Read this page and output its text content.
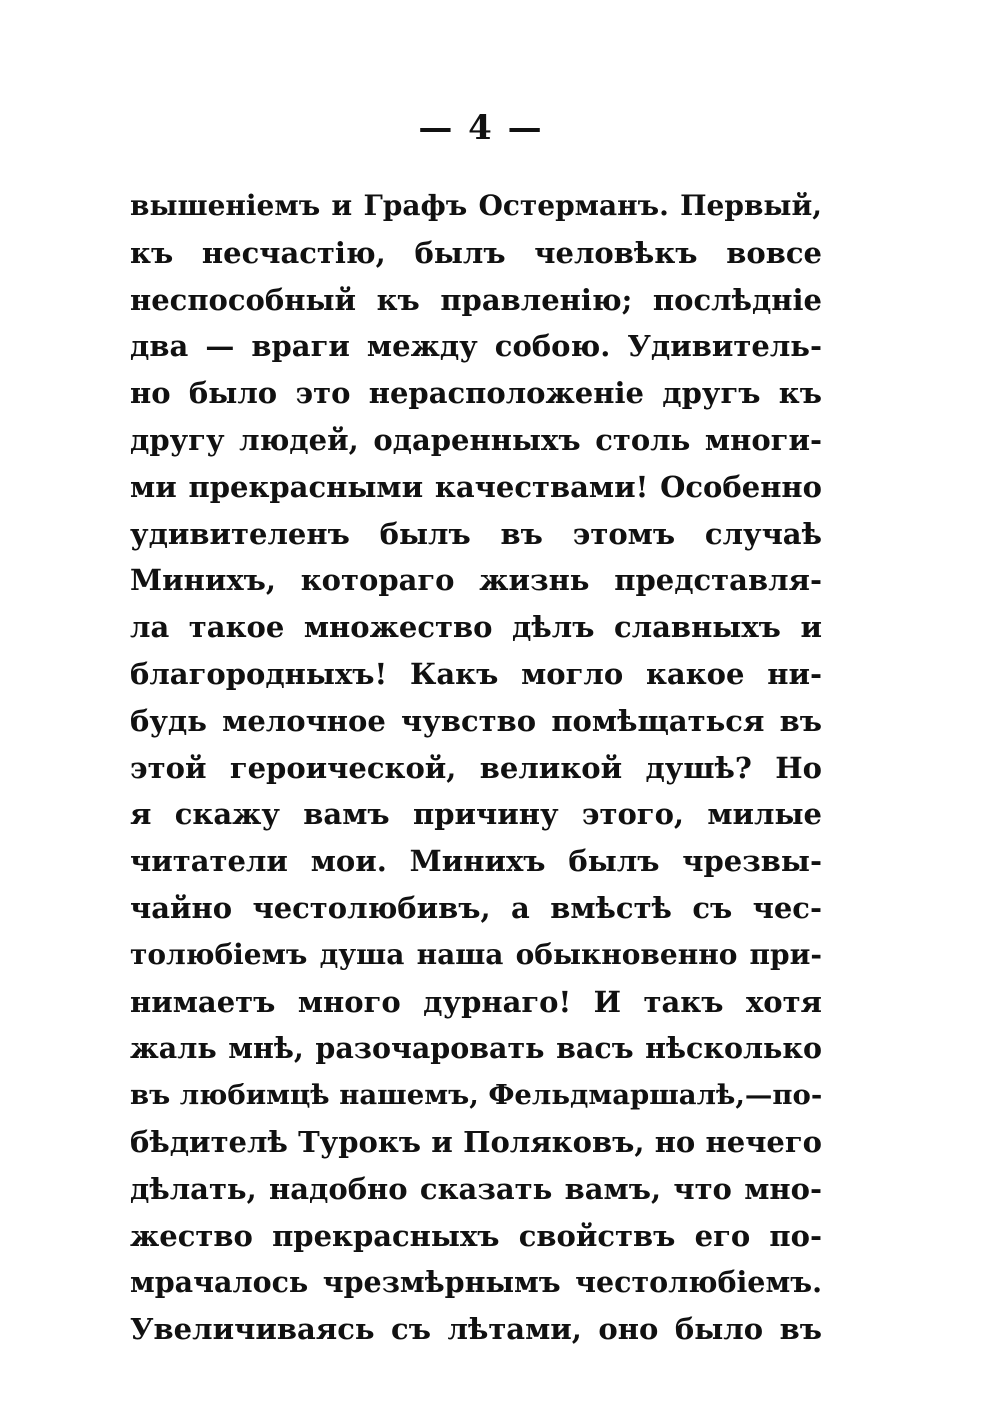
— 4 —
вышеніемъ и Графъ Остерманъ. Первый,
къ несчастію, былъ человѣкъ вовсе
неспособный къ правленію; послѣдніе
два — враги между собою. Удивитель-
но было это нерасположеніе другъ къ
другу людей, одаренныхъ столь многи-
ми прекрасными качествами! Особенно
удивителенъ былъ въ этомъ случаѣ
Минихъ, котораго жизнь представля-
ла такое множество дѣлъ славныхъ и
благородныхъ! Какъ могло какое ни-
будь мелочное чувство помѣщаться въ
этой героической, великой душѣ? Но
я скажу вамъ причину этого, милые
читатели мои. Минихъ былъ чрезвы-
чайно честолюбивъ, а вмѣстѣ съ чес-
толюбіемъ душа наша обыкновенно при-
нимаетъ много дурнаго! И такъ хотя
жаль мнѣ, разочаровать васъ нѣсколько
въ любимцѣ нашемъ, Фельдмаршалѣ,—по-
бѣдителѣ Турокъ и Поляковъ, но нечего
дѣлать, надобно сказать вамъ, что мно-
жество прекрасныхъ свойствъ его по-
мрачалось чрезмѣрнымъ честолюбіемъ.
Увеличиваясь съ лѣтами, оно было въ
